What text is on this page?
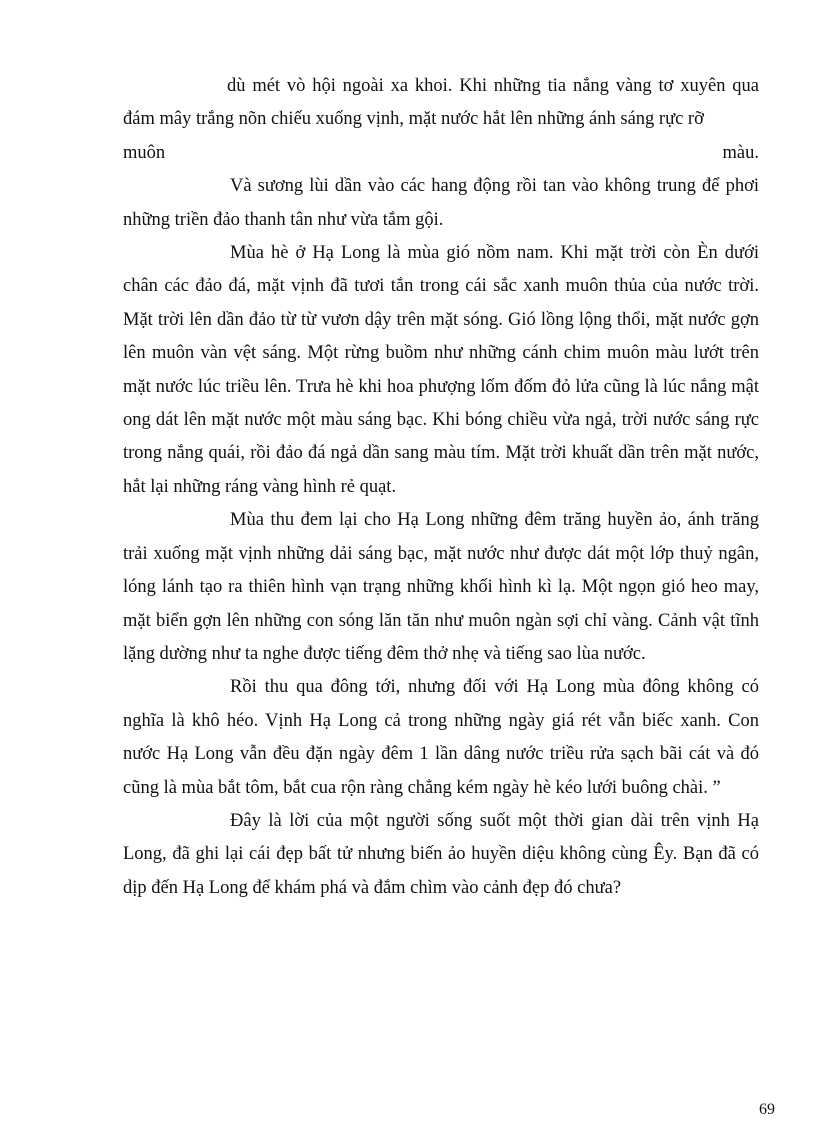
dù mét vò hội ngoài xa khoi. Khi những tia nắng vàng tơ xuyên qua đám mây trắng nõn chiếu xuống vịnh, mặt nước hắt lên những ánh sáng rực rỡ

muôn	màu.

Và sương lùi dần vào các hang động rồi tan vào không trung để phơi những triền đảo thanh tân như vừa tắm gội.

Mùa hè ở Hạ Long là mùa gió nồm nam. Khi mặt trời còn Èn dưới chân các đảo đá, mặt vịnh đã tươi tắn trong cái sắc xanh muôn thủa của nước trời. Mặt trời lên dần đảo từ từ vươn dậy trên mặt sóng. Gió lồng lộng thổi, mặt nước gợn lên muôn vàn vệt sáng. Một rừng buồm như những cánh chim muôn màu lướt trên mặt nước lúc triều lên. Trưa hè khi hoa phượng lốm đốm đỏ lửa cũng là lúc nắng mật ong dát lên mặt nước một màu sáng bạc. Khi bóng chiều vừa ngả, trời nước sáng rực trong nắng quái, rồi đảo đá ngả dần sang màu tím. Mặt trời khuất dần trên mặt nước, hắt lại những ráng vàng hình rẻ quạt.

Mùa thu đem lại cho Hạ Long những đêm trăng huyền ảo, ánh trăng trải xuống mặt vịnh những dải sáng bạc, mặt nước như được dát một lớp thuỷ ngân, lóng lánh tạo ra thiên hình vạn trạng những khối hình kì lạ. Một ngọn gió heo may, mặt biển gợn lên những con sóng lăn tăn như muôn ngàn sợi chỉ vàng. Cảnh vật tĩnh lặng dường như ta nghe được tiếng đêm thở nhẹ và tiếng sao lùa nước.

Rồi thu qua đông tới, nhưng đối với Hạ Long mùa đông không có nghĩa là khô héo. Vịnh Hạ Long cả trong những ngày giá rét vẫn biếc xanh. Con nước Hạ Long vẫn đều đặn ngày đêm 1 lần dâng nước triều rửa sạch bãi cát và đó cũng là mùa bắt tôm, bắt cua rộn ràng chẳng kém ngày hè kéo lưới buông chài. ”

Đây là lời của một người sống suốt một thời gian dài trên vịnh Hạ Long, đã ghi lại cái đẹp bất tử nhưng biến ảo huyền diệu không cùng Êy. Bạn đã có dịp đến Hạ Long để khám phá và đắm chìm vào cảnh đẹp đó chưa?

69
